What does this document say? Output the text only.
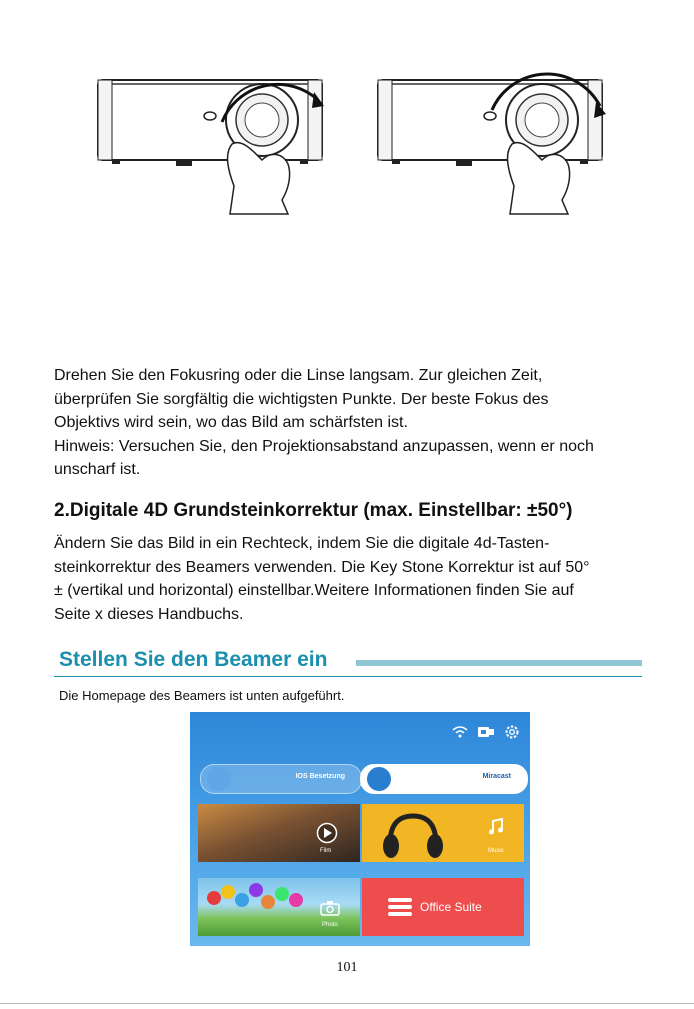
Drehen Sie den Fokusring oder die Linse langsam. Zur gleichen Zeit,
überprüfen Sie sorgfältig die wichtigsten Punkte. Der beste Fokus des
Objektivs wird sein, wo das Bild am schärfsten ist.
Hinweis: Versuchen Sie, den Projektionsabstand anzupassen, wenn er noch
unscharf ist.
2.Digitale 4D Grundsteinkorrektur (max. Einstellbar: ±50°)
Ändern Sie das Bild in ein Rechteck, indem Sie die digitale 4d-Tasten-
steinkorrektur des Beamers verwenden. Die Key Stone Korrektur ist auf 50°
± (vertikal und horizontal) einstellbar.Weitere Informationen finden Sie auf
Seite x dieses Handbuchs.
Stellen Sie den Beamer ein

Die Homepage des Beamers ist unten aufgeführt.

IOS Besetzung	Miracast
Film	Music
Photo
Office Suite

101
